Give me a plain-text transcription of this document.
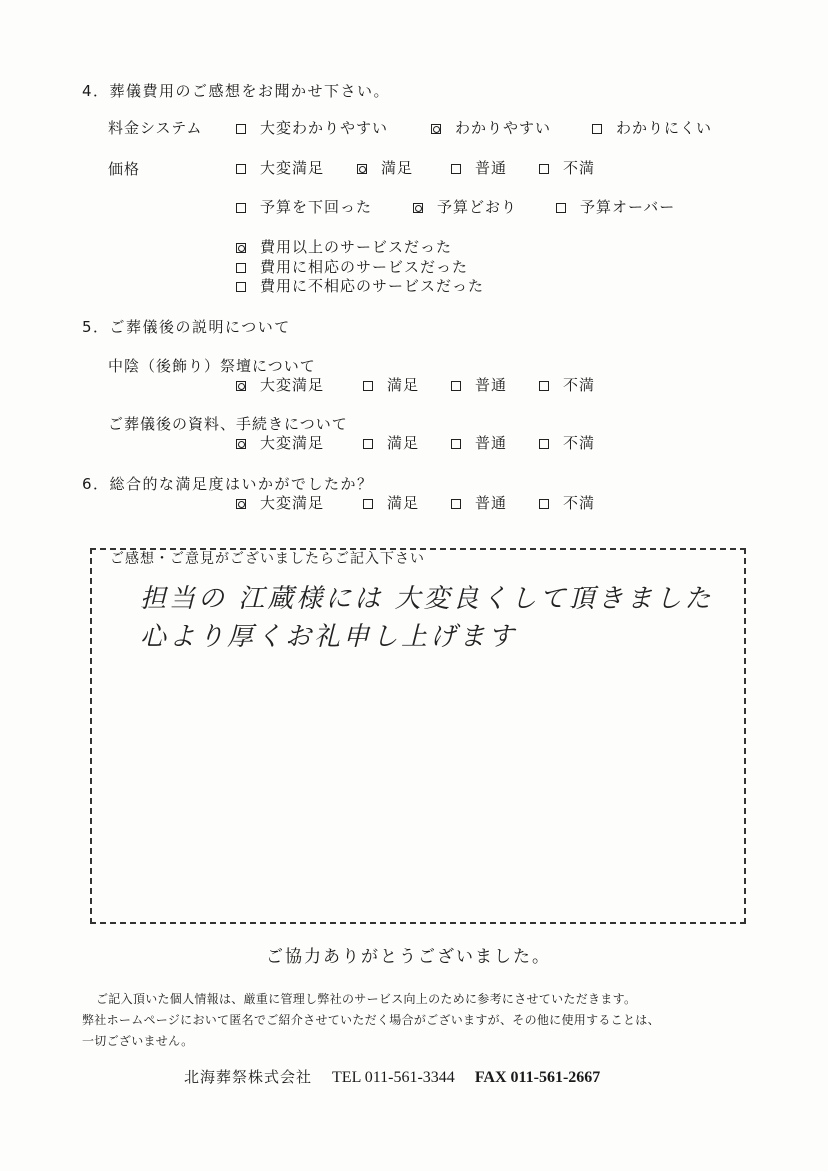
4．葬儀費用のご感想をお聞かせ下さい。
料金システム	大変わかりやすい	わかりやすい	わかりにくい
価格	大変満足	満足	普通	不満
予算を下回った	予算どおり	予算オーバー
費用以上のサービスだった
費用に相応のサービスだった
費用に不相応のサービスだった
5．ご葬儀後の説明について
中陰（後飾り）祭壇について
大変満足	満足	普通	不満
ご葬儀後の資料、手続きについて
大変満足	満足	普通	不満
6．総合的な満足度はいかがでしたか？
大変満足	満足	普通	不満
ご感想・ご意見がございましたらご記入下さい
担当の 江蔵様には 大変良くして頂きました
心より厚くお礼申し上げます
ご協力ありがとうございました。
ご記入頂いた個人情報は、厳重に管理し弊社のサービス向上のために参考にさせていただきます。
弊社ホームページにおいて匿名でご紹介させていただく場合がございますが、その他に使用することは、
一切ございません。
北海葬祭株式会社 TEL 011-561-3344 FAX 011-561-2667
